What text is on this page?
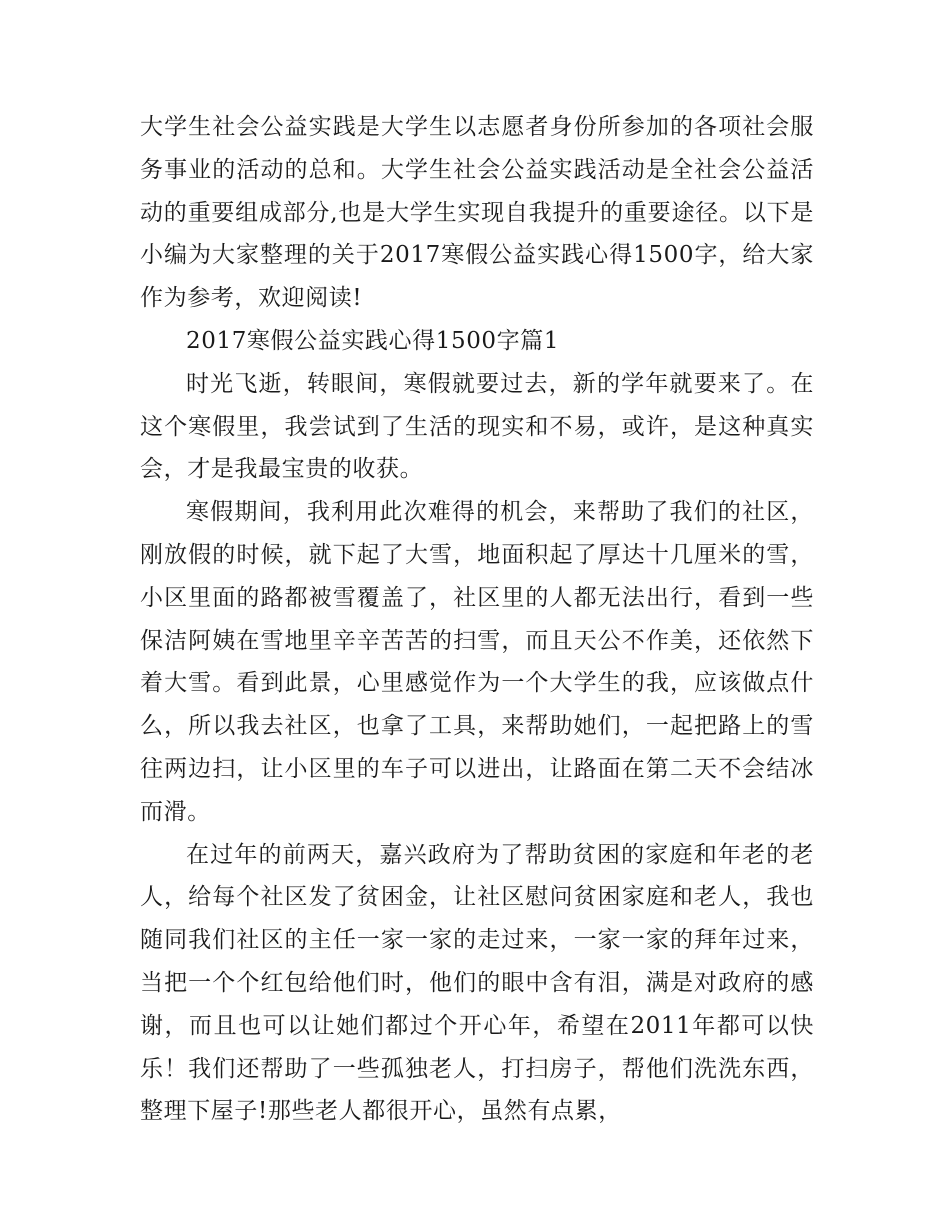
大学生社会公益实践是大学生以志愿者身份所参加的各项社会服务事业的活动的总和。大学生社会公益实践活动是全社会公益活动的重要组成部分,也是大学生实现自我提升的重要途径。以下是小编为大家整理的关于2017寒假公益实践心得1500字，给大家作为参考，欢迎阅读!

2017寒假公益实践心得1500字篇1

时光飞逝，转眼间，寒假就要过去，新的学年就要来了。在这个寒假里，我尝试到了生活的现实和不易，或许，是这种真实会，才是我最宝贵的收获。

寒假期间，我利用此次难得的机会，来帮助了我们的社区，刚放假的时候，就下起了大雪，地面积起了厚达十几厘米的雪，小区里面的路都被雪覆盖了，社区里的人都无法出行，看到一些保洁阿姨在雪地里辛辛苦苦的扫雪，而且天公不作美，还依然下着大雪。看到此景，心里感觉作为一个大学生的我，应该做点什么，所以我去社区，也拿了工具，来帮助她们，一起把路上的雪往两边扫，让小区里的车子可以进出，让路面在第二天不会结冰而滑。

在过年的前两天，嘉兴政府为了帮助贫困的家庭和年老的老人，给每个社区发了贫困金，让社区慰问贫困家庭和老人，我也随同我们社区的主任一家一家的走过来，一家一家的拜年过来，当把一个个红包给他们时，他们的眼中含有泪，满是对政府的感谢，而且也可以让她们都过个开心年，希望在2011年都可以快乐！我们还帮助了一些孤独老人，打扫房子，帮他们洗洗东西，整理下屋子!那些老人都很开心，虽然有点累，
